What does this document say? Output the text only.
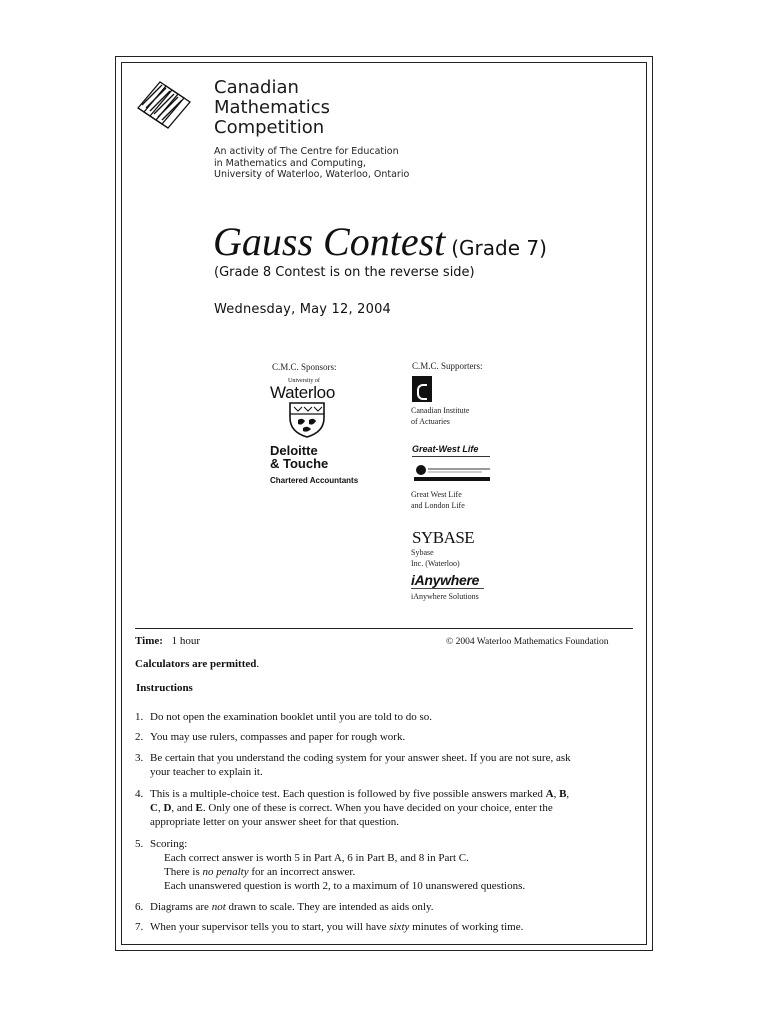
Canadian
Mathematics
Competition
An activity of The Centre for Education
in Mathematics and Computing,
University of Waterloo, Waterloo, Ontario
Gauss Contest (Grade 7)
(Grade 8 Contest is on the reverse side)
Wednesday, May 12, 2004
C.M.C. Sponsors:	C.M.C. Supporters:
University of
Waterloo
Deloitte
& Touche
Chartered Accountants
Canadian Institute
of Actuaries
Great-West Life
Great West Life
and London Life
SYBASE
Sybase
Inc. (Waterloo)
iAnywhere
iAnywhere Solutions
Time: 1 hour	© 2004 Waterloo Mathematics Foundation
Calculators are permitted.
Instructions
1. Do not open the examination booklet until you are told to do so.
2. You may use rulers, compasses and paper for rough work.
3. Be certain that you understand the coding system for your answer sheet. If you are not sure, ask
your teacher to explain it.
4. This is a multiple-choice test. Each question is followed by five possible answers marked A, B,
C, D, and E. Only one of these is correct. When you have decided on your choice, enter the
appropriate letter on your answer sheet for that question.
5. Scoring:
Each correct answer is worth 5 in Part A, 6 in Part B, and 8 in Part C.
There is no penalty for an incorrect answer.
Each unanswered question is worth 2, to a maximum of 10 unanswered questions.
6. Diagrams are not drawn to scale. They are intended as aids only.
7. When your supervisor tells you to start, you will have sixty minutes of working time.
